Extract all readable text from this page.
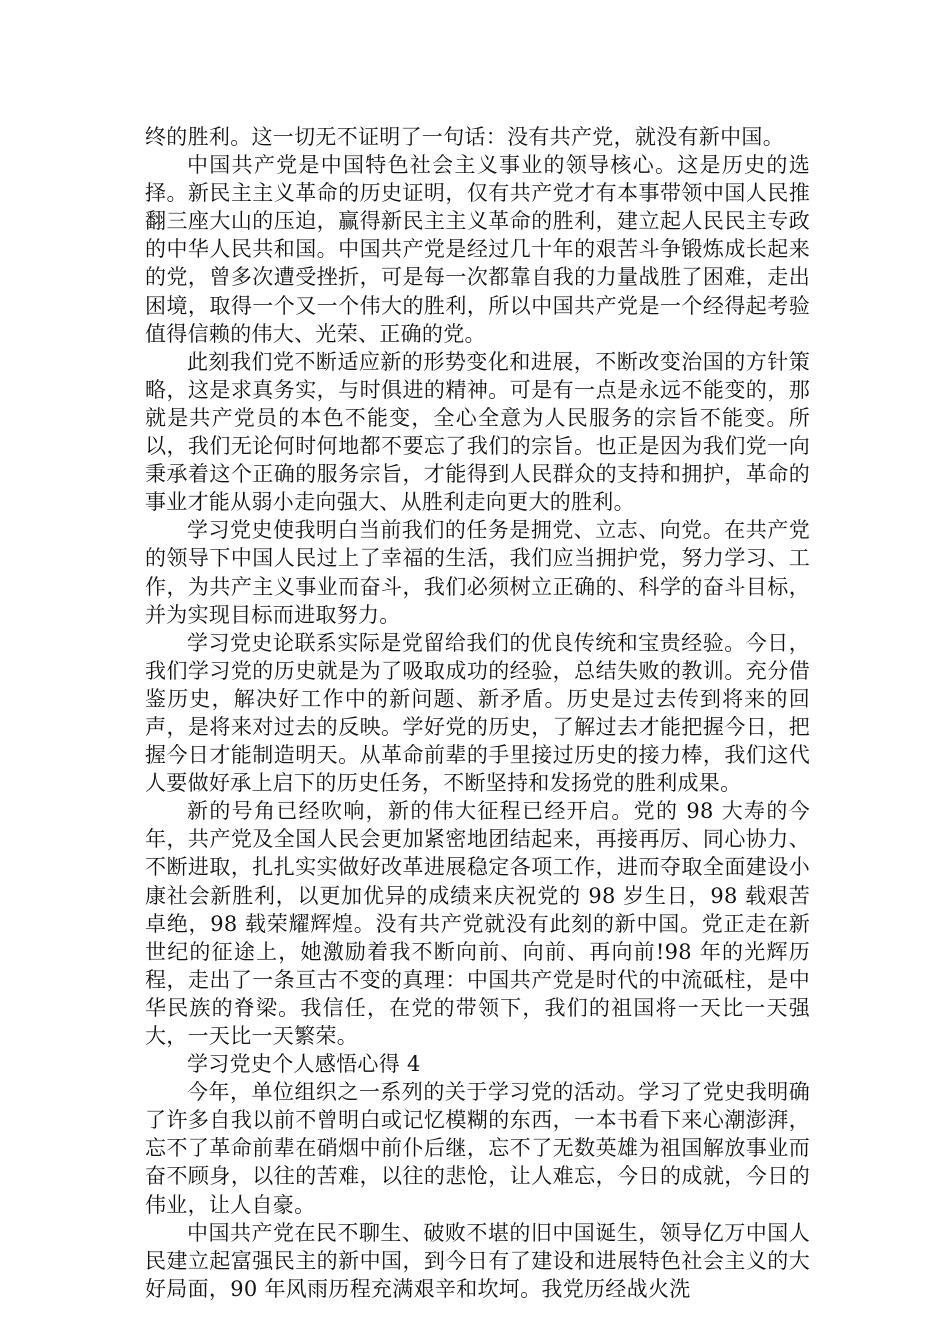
终的胜利。这一切无不证明了一句话：没有共产党，就没有新中国。

中国共产党是中国特色社会主义事业的领导核心。这是历史的选择。新民主主义革命的历史证明，仅有共产党才有本事带领中国人民推翻三座大山的压迫，赢得新民主主义革命的胜利，建立起人民民主专政的中华人民共和国。中国共产党是经过几十年的艰苦斗争锻炼成长起来的党，曾多次遭受挫折，可是每一次都靠自我的力量战胜了困难，走出困境，取得一个又一个伟大的胜利，所以中国共产党是一个经得起考验值得信赖的伟大、光荣、正确的党。

此刻我们党不断适应新的形势变化和进展，不断改变治国的方针策略，这是求真务实，与时俱进的精神。可是有一点是永远不能变的，那就是共产党员的本色不能变，全心全意为人民服务的宗旨不能变。所以，我们无论何时何地都不要忘了我们的宗旨。也正是因为我们党一向秉承着这个正确的服务宗旨，才能得到人民群众的支持和拥护，革命的事业才能从弱小走向强大、从胜利走向更大的胜利。

学习党史使我明白当前我们的任务是拥党、立志、向党。在共产党的领导下中国人民过上了幸福的生活，我们应当拥护党，努力学习、工作，为共产主义事业而奋斗，我们必须树立正确的、科学的奋斗目标，并为实现目标而进取努力。

学习党史论联系实际是党留给我们的优良传统和宝贵经验。今日，我们学习党的历史就是为了吸取成功的经验，总结失败的教训。充分借鉴历史，解决好工作中的新问题、新矛盾。历史是过去传到将来的回声，是将来对过去的反映。学好党的历史，了解过去才能把握今日，把握今日才能制造明天。从革命前辈的手里接过历史的接力棒，我们这代人要做好承上启下的历史任务，不断坚持和发扬党的胜利成果。

新的号角已经吹响，新的伟大征程已经开启。党的 98 大寿的今年，共产党及全国人民会更加紧密地团结起来，再接再厉、同心协力、不断进取，扎扎实实做好改革进展稳定各项工作，进而夺取全面建设小康社会新胜利，以更加优异的成绩来庆祝党的 98 岁生日，98 载艰苦卓绝，98 载荣耀辉煌。没有共产党就没有此刻的新中国。党正走在新世纪的征途上，她激励着我不断向前、向前、再向前!98 年的光辉历程，走出了一条亘古不变的真理：中国共产党是时代的中流砥柱，是中华民族的脊梁。我信任，在党的带领下，我们的祖国将一天比一天强大，一天比一天繁荣。

学习党史个人感悟心得 4

今年，单位组织之一系列的关于学习党的活动。学习了党史我明确了许多自我以前不曾明白或记忆模糊的东西，一本书看下来心潮澎湃，忘不了革命前辈在硝烟中前仆后继，忘不了无数英雄为祖国解放事业而奋不顾身，以往的苦难，以往的悲怆，让人难忘，今日的成就，今日的伟业，让人自豪。

中国共产党在民不聊生、破败不堪的旧中国诞生，领导亿万中国人民建立起富强民主的新中国，到今日有了建设和进展特色社会主义的大好局面，90 年风雨历程充满艰辛和坎坷。我党历经战火洗
